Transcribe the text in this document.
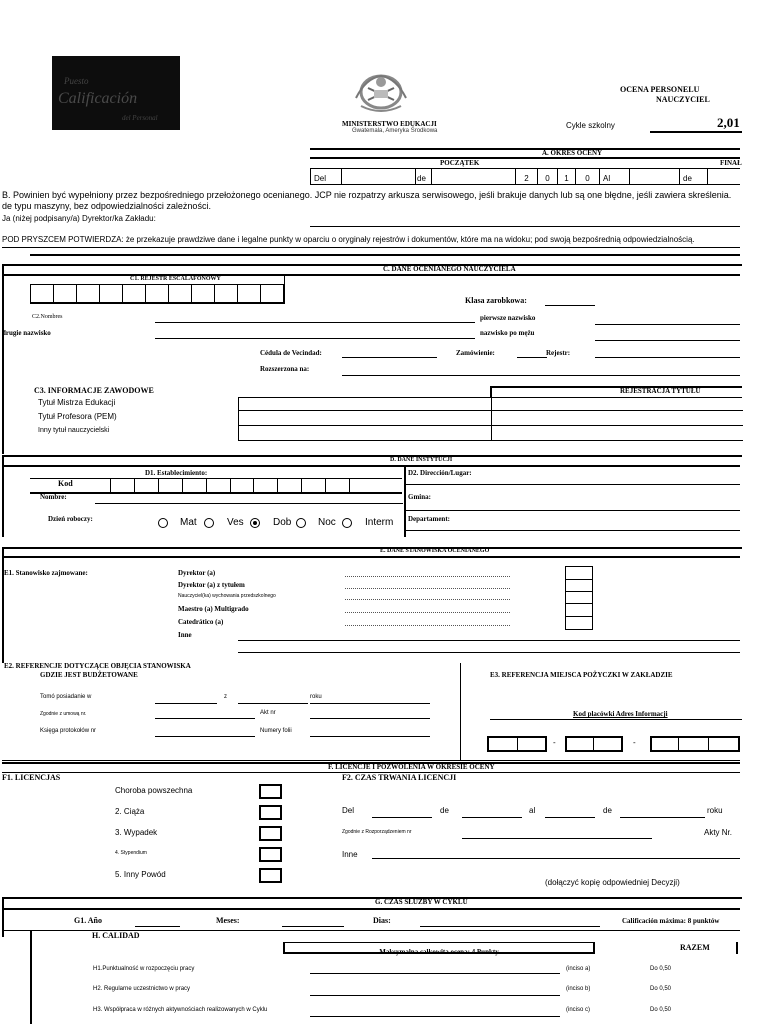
Puesto
Calificación
del Personal
MINISTERSTWO EDUKACJI
Gwatemala, Ameryka Środkowa
OCENA PERSONELU
NAUCZYCIEL
Cykle szkolny	2,01
A. OKRES OCENY
POCZĄTEK	FINAŁ
Del	de	2	0	1	0	Al	de
B. Powinien być wypełniony przez bezpośredniego przełożonego ocenianego. JCP nie rozpatrzy arkusza serwisowego, jeśli brakuje danych lub są one błędne, jeśli zawiera skreślenia.
de typu maszyny, bez odpowiedzialności zależności.
Ja (niżej podpisany/a) Dyrektor/ka Zakładu:
POD PRYSZCEM POTWIERDZA: że przekazuje prawdziwe dane i legalne punkty w oparciu o oryginały rejestrów i dokumentów, które ma na widoku; pod swoją bezpośrednią odpowiedzialnością.
C. DANE OCENIANEGO NAUCZYCIELA
C1. REJESTR ESCALAFONOWY
Klasa zarobkowa:
C2.Nombres	pierwsze nazwisko
drugie nazwisko	nazwisko po mężu
Cédula de Vecindad:	Zamówienie:	Rejestr:
Rozszerzona na:
C3. INFORMACJE ZAWODOWE	REJESTRACJA TYTUŁU
Tytuł Mistrza Edukacji
Tytuł Profesora (PEM)
Inny tytuł nauczycielski
D. DANE INSTYTUCJI
D1. Establecimiento:
Kod
Nombre:
Dzień roboczy:	Mat	Ves	Dob	Noc	Interm
D2. Dirección/Lugar:
Gmina:
Departament:
E. DANE STANOWISKA OCENIANEGO
E1. Stanowisko zajmowane:	Dyrektor (a)
Dyrektor (a) z tytułem
Nauczyciel(ka) wychowania przedszkolnego
Maestro (a) Multigrado
Catedrático (a)
Inne
E2. REFERENCJE DOTYCZĄCE OBJĘCIA STANOWISKA
GDZIE JEST BUDŻETOWANE
Tomó posiadanie w	z	roku
Zgodnie z umową nr.	Akt nr
Księga protokołów nr	Numery folii
E3. REFERENCJA MIEJSCA POŻYCZKI W ZAKŁADZIE
Kod placówki Adres Informacji
-	-
F. LICENCJE I POZWOLENIA W OKRESIE OCENY
F1. LICENCJAS	F2. CZAS TRWANIA LICENCJI
Choroba powszechna
2. Ciąża
3. Wypadek
4. Stypendium
5. Inny Powód
Del	de	al	de	roku
Zgodnie z Rozporządzeniem nr	Akty Nr.
Inne
(dołączyć kopię odpowiedniej Decyzji)
G. CZAS SŁUŻBY W CYKLU
G1. Año	Meses:	Dias:	Calificación máxima: 8 punktów
H. CALIDAD
Maksymalna całkowita ocena: 4 Punkty	RAZEM
H1.Punktualność w rozpoczęciu pracy	(inciso a)	Do 0,50
H2. Regularne uczestnictwo w pracy	(inciso b)	Do 0,50
H3. Współpraca w różnych aktywnościach realizowanych w Cyklu	(inciso c)	Do 0,50
